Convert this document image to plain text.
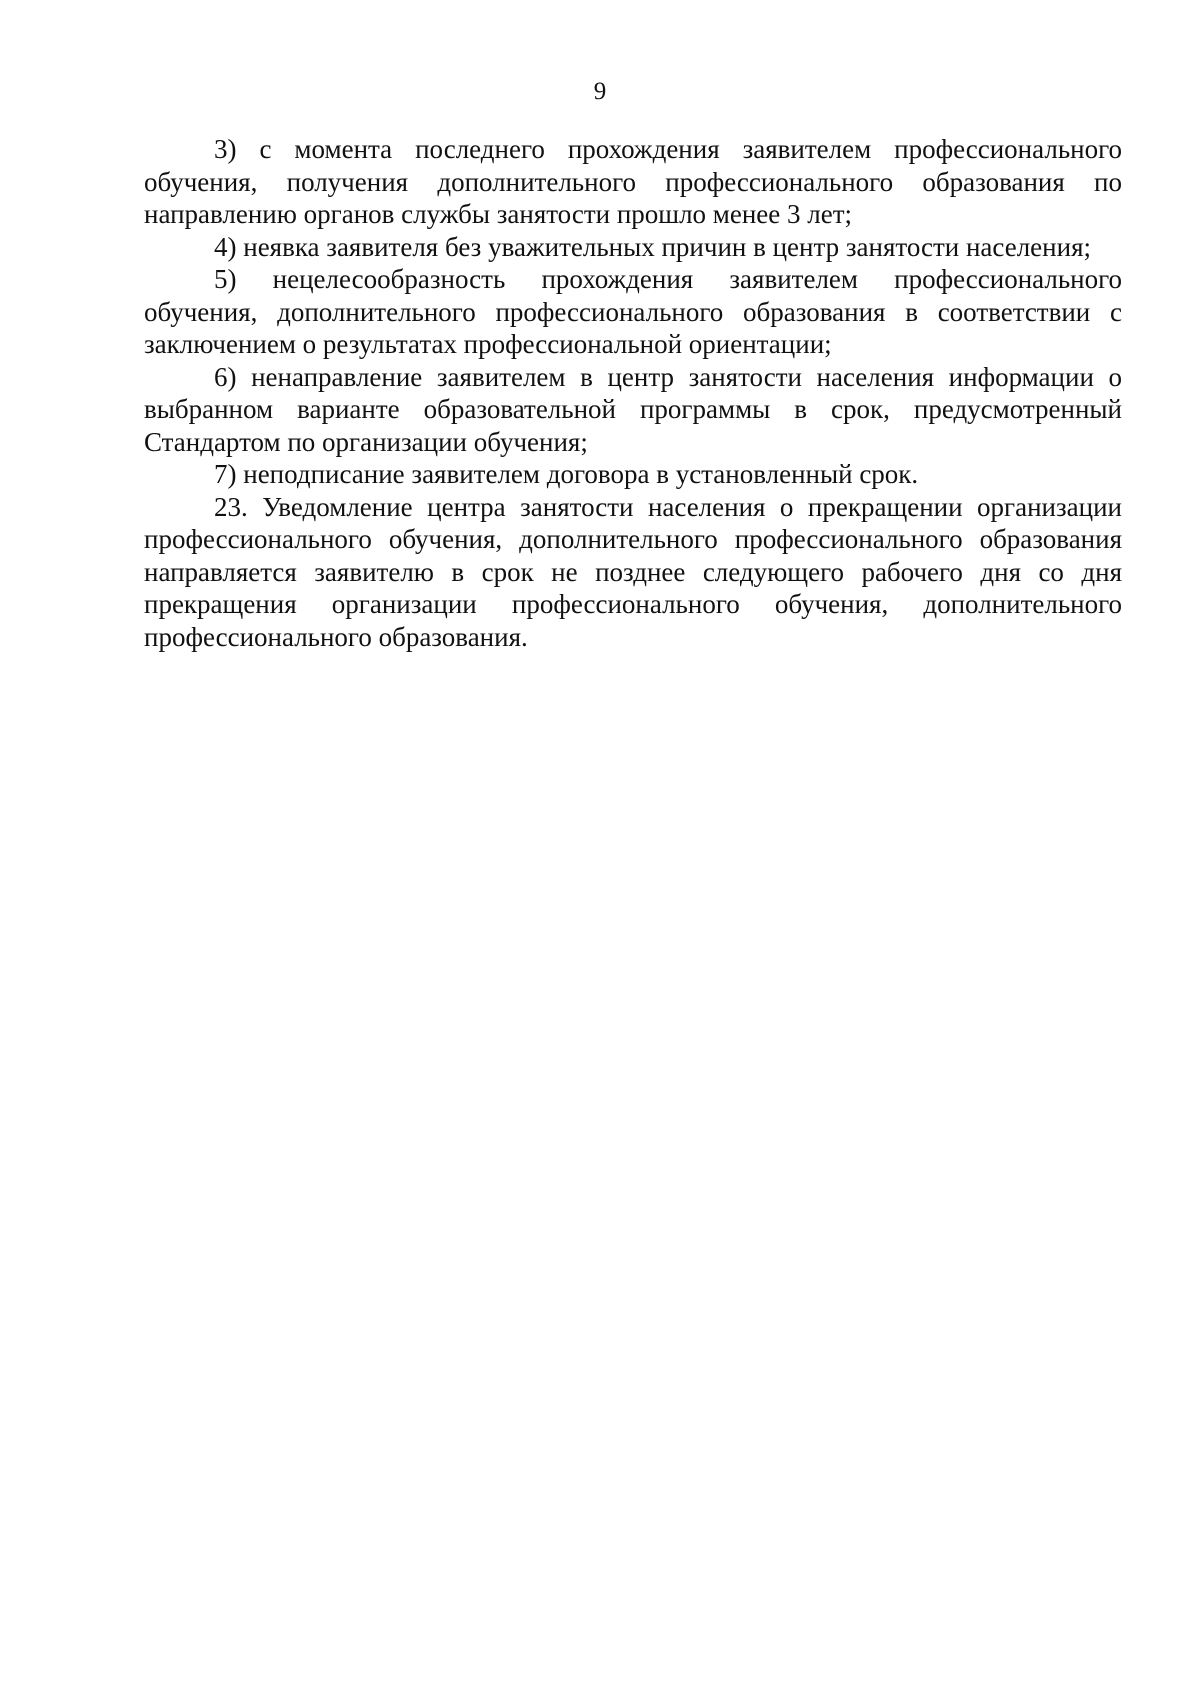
9

3) с момента последнего прохождения заявителем профессионального обучения, получения дополнительного профессионального образования по направлению органов службы занятости прошло менее 3 лет;

4) неявка заявителя без уважительных причин в центр занятости населения;

5) нецелесообразность прохождения заявителем профессионального обучения, дополнительного профессионального образования в соответствии с заключением о результатах профессиональной ориентации;

6) ненаправление заявителем в центр занятости населения информации о выбранном варианте образовательной программы в срок, предусмотренный Стандартом по организации обучения;

7) неподписание заявителем договора в установленный срок.

23. Уведомление центра занятости населения о прекращении организации профессионального обучения, дополнительного профессионального образования направляется заявителю в срок не позднее следующего рабочего дня со дня прекращения организации профессионального обучения, дополнительного профессионального образования.
